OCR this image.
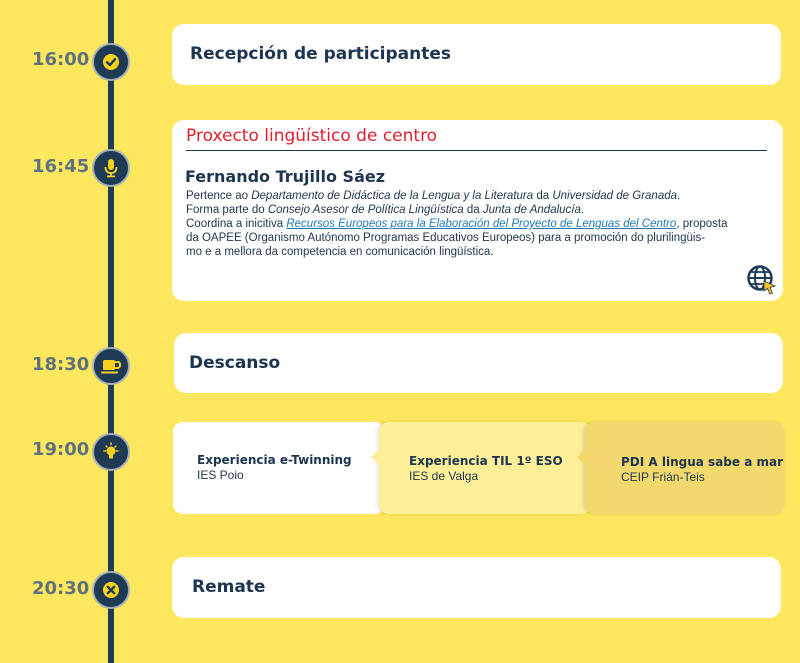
16:00	Recepción de participantes
16:45
Proxecto lingüístico de centro
Fernando Trujillo Sáez
Pertence ao Departamento de Didáctica de la Lengua y la Literatura da Universidad de Granada.
Forma parte do Consejo Asesor de Política Lingüística da Junta de Andalucía.
Coordina a inicitiva Recursos Europeos para la Elaboración del Proyecto de Lenguas del Centro, proposta
da OAPEE (Organismo Autónomo Programas Educativos Europeos) para a promoción do plurilingüis-
mo e a mellora da competencia en comunicación lingüística.
18:30	Descanso
19:00	Experiencia e-Twinning
IES Poio
Experiencia TIL 1º ESO
IES de Valga
PDI A lingua sabe a mar
CEIP Frián-Teis
20:30	Remate
